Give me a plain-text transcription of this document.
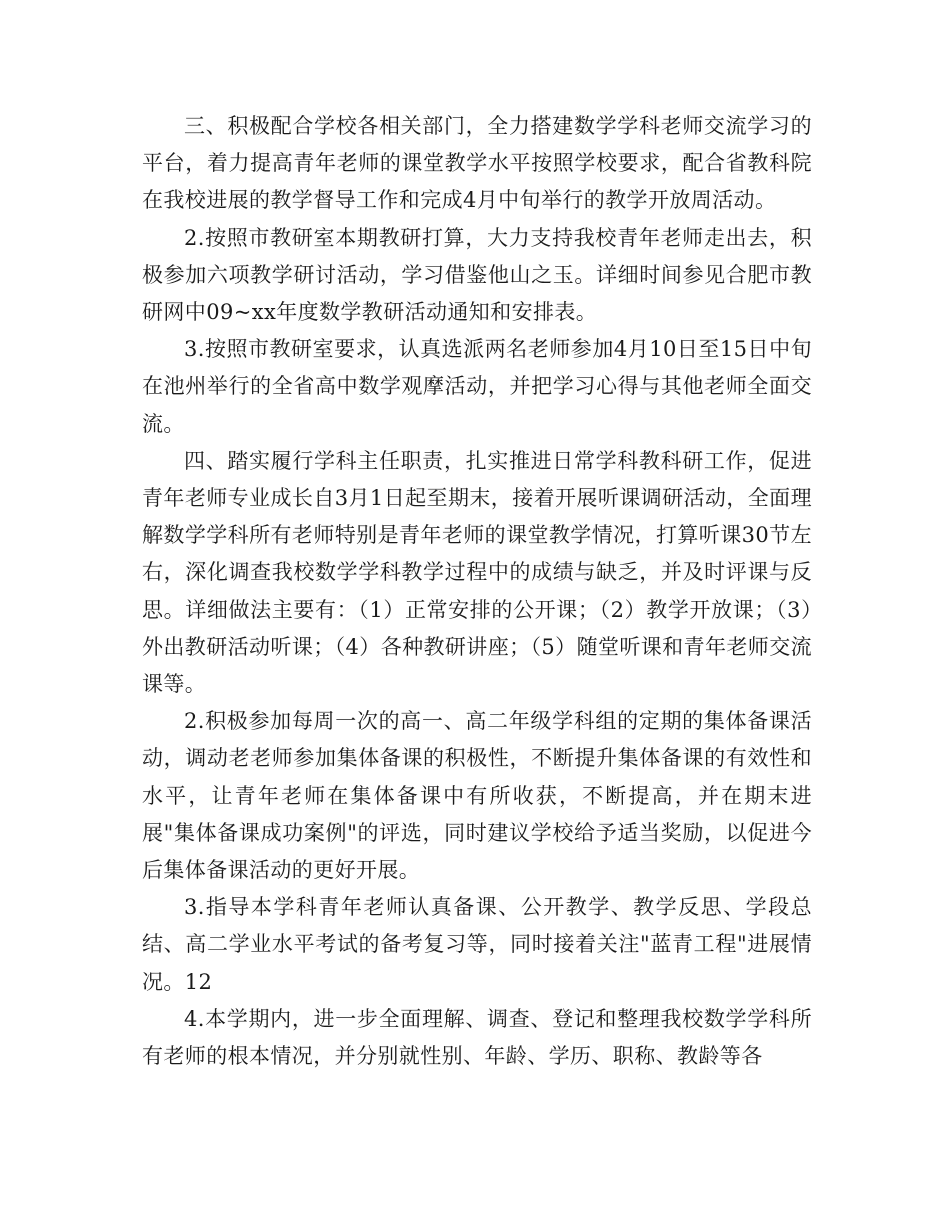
三、积极配合学校各相关部门，全力搭建数学学科老师交流学习的平台，着力提高青年老师的课堂教学水平按照学校要求，配合省教科院在我校进展的教学督导工作和完成4月中旬举行的教学开放周活动。

2.按照市教研室本期教研打算，大力支持我校青年老师走出去，积极参加六项教学研讨活动，学习借鉴他山之玉。详细时间参见合肥市教研网中09~xx年度数学教研活动通知和安排表。

3.按照市教研室要求，认真选派两名老师参加4月10日至15日中旬在池州举行的全省高中数学观摩活动，并把学习心得与其他老师全面交流。

四、踏实履行学科主任职责，扎实推进日常学科教科研工作，促进青年老师专业成长自3月1日起至期末，接着开展听课调研活动，全面理解数学学科所有老师特别是青年老师的课堂教学情况，打算听课30节左右，深化调查我校数学学科教学过程中的成绩与缺乏，并及时评课与反思。详细做法主要有：（1）正常安排的公开课；（2）教学开放课；（3）外出教研活动听课；（4）各种教研讲座；（5）随堂听课和青年老师交流课等。

2.积极参加每周一次的高一、高二年级学科组的定期的集体备课活动，调动老老师参加集体备课的积极性，不断提升集体备课的有效性和水平，让青年老师在集体备课中有所收获，不断提高，并在期末进展"集体备课成功案例"的评选，同时建议学校给予适当奖励，以促进今后集体备课活动的更好开展。

3.指导本学科青年老师认真备课、公开教学、教学反思、学段总结、高二学业水平考试的备考复习等，同时接着关注"蓝青工程"进展情况。12

4.本学期内，进一步全面理解、调查、登记和整理我校数学学科所有老师的根本情况，并分别就性别、年龄、学历、职称、教龄等各
